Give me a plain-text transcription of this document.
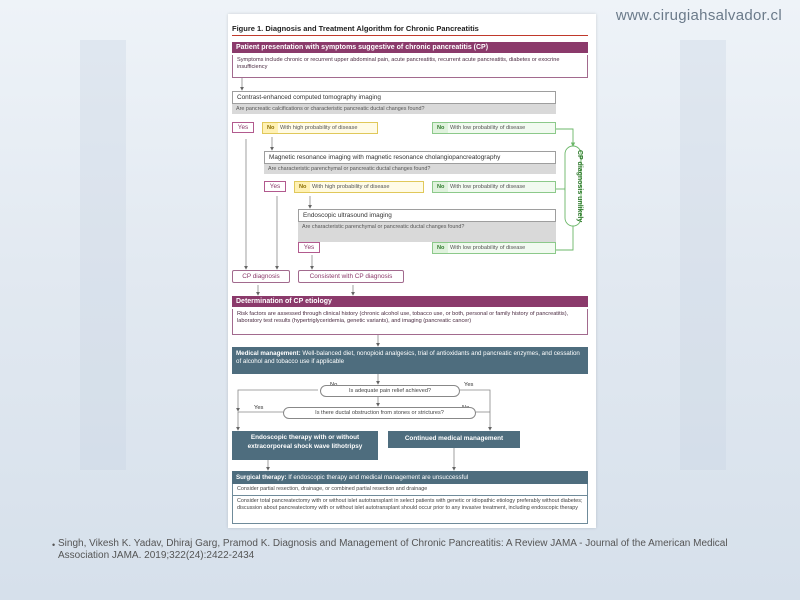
www.cirugiahsalvador.cl
Figure 1. Diagnosis and Treatment Algorithm for Chronic Pancreatitis
Patient presentation with symptoms suggestive of chronic pancreatitis (CP)
Symptoms include chronic or recurrent upper abdominal pain, acute pancreatitis, recurrent acute pancreatitis, diabetes or exocrine insufficiency
Contrast-enhanced computed tomography imaging
Are pancreatic calcifications or characteristic pancreatic ductal changes found?
Yes	No With high probability of disease	No With low probability of disease
Magnetic resonance imaging with magnetic resonance cholangiopancreatography
Are characteristic parenchymal or pancreatic ductal changes found?
Yes	No With high probability of disease	No With low probability of disease
Endoscopic ultrasound imaging
Are characteristic parenchymal or pancreatic ductal changes found?
Yes	No With low probability of disease
CP diagnosis unlikely
CP diagnosis	Consistent with CP diagnosis
Determination of CP etiology
Risk factors are assessed through clinical history (chronic alcohol use, tobacco use, or both, personal or family history of pancreatitis), laboratory test results (hypertriglyceridemia, genetic variants), and imaging (pancreatic cancer)
Medical management: Well-balanced diet, nonopioid analgesics, trial of antioxidants and pancreatic enzymes, and cessation of alcohol and tobacco use if applicable
Yes
Is adequate pain relief achieved?
Yes
Is there ductal obstruction from stones or strictures?
Endoscopic therapy with or without extracorporeal shock wave lithotripsy
Continued medical management
Surgical therapy: If endoscopic therapy and medical management are unsuccessful
Consider partial resection, drainage, or combined partial resection and drainage
Consider total pancreatectomy with or without islet autotransplant in select patients with genetic or idiopathic etiology preferably without diabetes; discussion about pancreatectomy with or without islet autotransplant should occur prior to any invasive treatment, including endoscopic therapy
• Singh, Vikesh K. Yadav, Dhiraj Garg, Pramod K. Diagnosis and Management of Chronic Pancreatitis: A Review JAMA - Journal of the American Medical Association JAMA. 2019;322(24):2422-2434
